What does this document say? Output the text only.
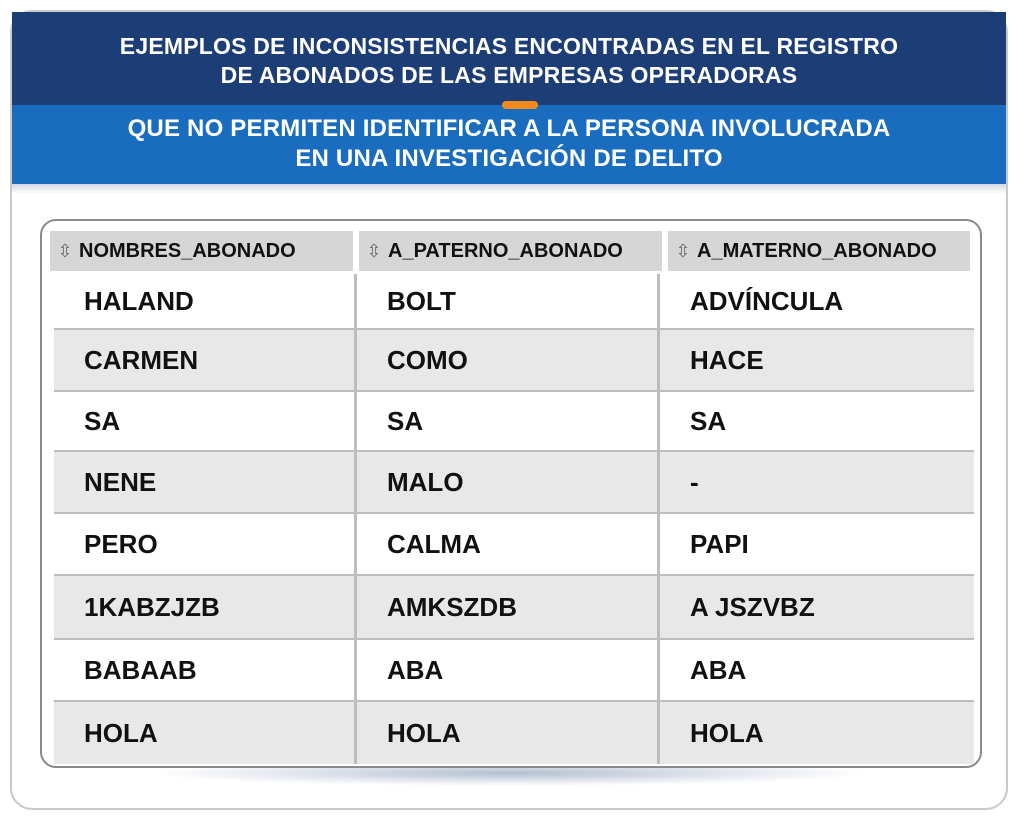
EJEMPLOS DE INCONSISTENCIAS ENCONTRADAS EN EL REGISTRO
DE ABONADOS DE LAS EMPRESAS OPERADORAS
QUE NO PERMITEN IDENTIFICAR A LA PERSONA INVOLUCRADA
EN UNA INVESTIGACIÓN DE DELITO
⇳ NOMBRES_ABONADO	⇳ A_PATERNO_ABONADO	⇳ A_MATERNO_ABONADO
HALAND	BOLT	ADVÍNCULA
CARMEN	COMO	HACE
SA	SA	SA
NENE	MALO	-
PERO	CALMA	PAPI
1KABZJZB	AMKSZDB	A JSZVBZ
BABAAB	ABA	ABA
HOLA	HOLA	HOLA
